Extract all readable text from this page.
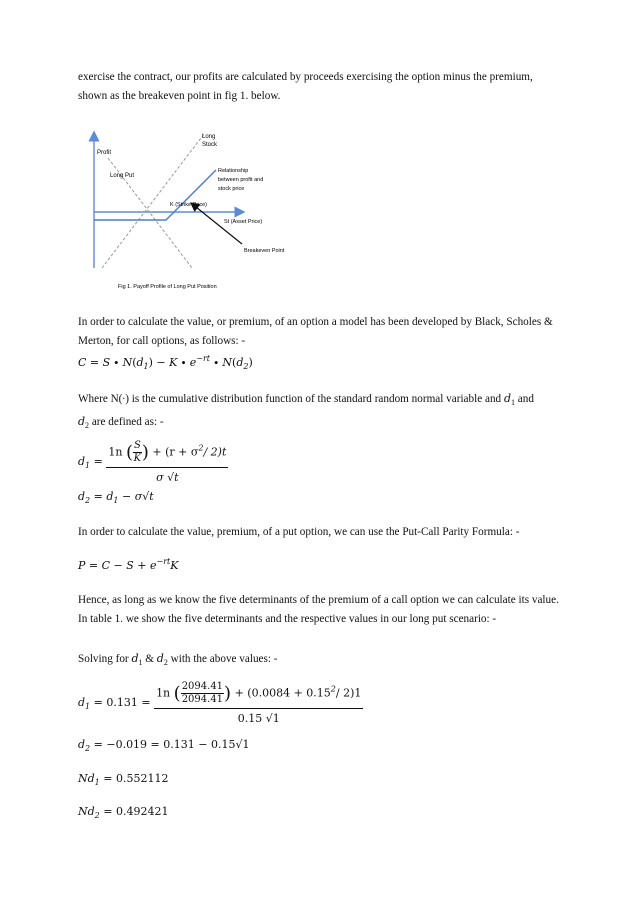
exercise the contract, our profits are calculated by proceeds exercising the option minus the premium, shown as the breakeven point in fig 1. below.
Profit
Long
Stock
Long Put
Relationship
between profit and
stock price
K (Strike Price)
St (Asset Price)
Breakeven Point
Fig 1. Payoff Profile of Long Put Position
In order to calculate the value, or premium, of an option a model has been developed by Black, Scholes & Merton, for call options, as follows: -
$C = S \cdot N(d_1) - K \cdot e^{-rt} \cdot N(d_2)$
Where N(∙) is the cumulative distribution function of the standard random normal variable and $d_1$ and
$d_2$ are defined as: -
$d_1 = \frac{1n ( \frac{S}{K} ) + (r + \sigma^2/ 2)t}{\sigma √t}$
$d_2 = d_1 - \sigma√t$
In order to calculate the value, premium, of a put option, we can use the Put-Call Parity Formula: -
$P = C - S + e^{-rt}K$
Hence, as long as we know the five determinants of the premium of a call option we can calculate its value. In table 1. we show the five determinants and the respective values in our long put scenario: -
Solving for $d_1$ & $d_2$ with the above values: -
$d_1 = 0.131 = \frac{1n ( \frac{2094.41}{2094.41} ) + (0.0084 + 0.15^2/ 2)1}{0.15 √1}$
$d_2 = -0.019 = 0.131 - 0.15√1$
$Nd_1 = 0.552112$
$Nd_2 = 0.492421$
